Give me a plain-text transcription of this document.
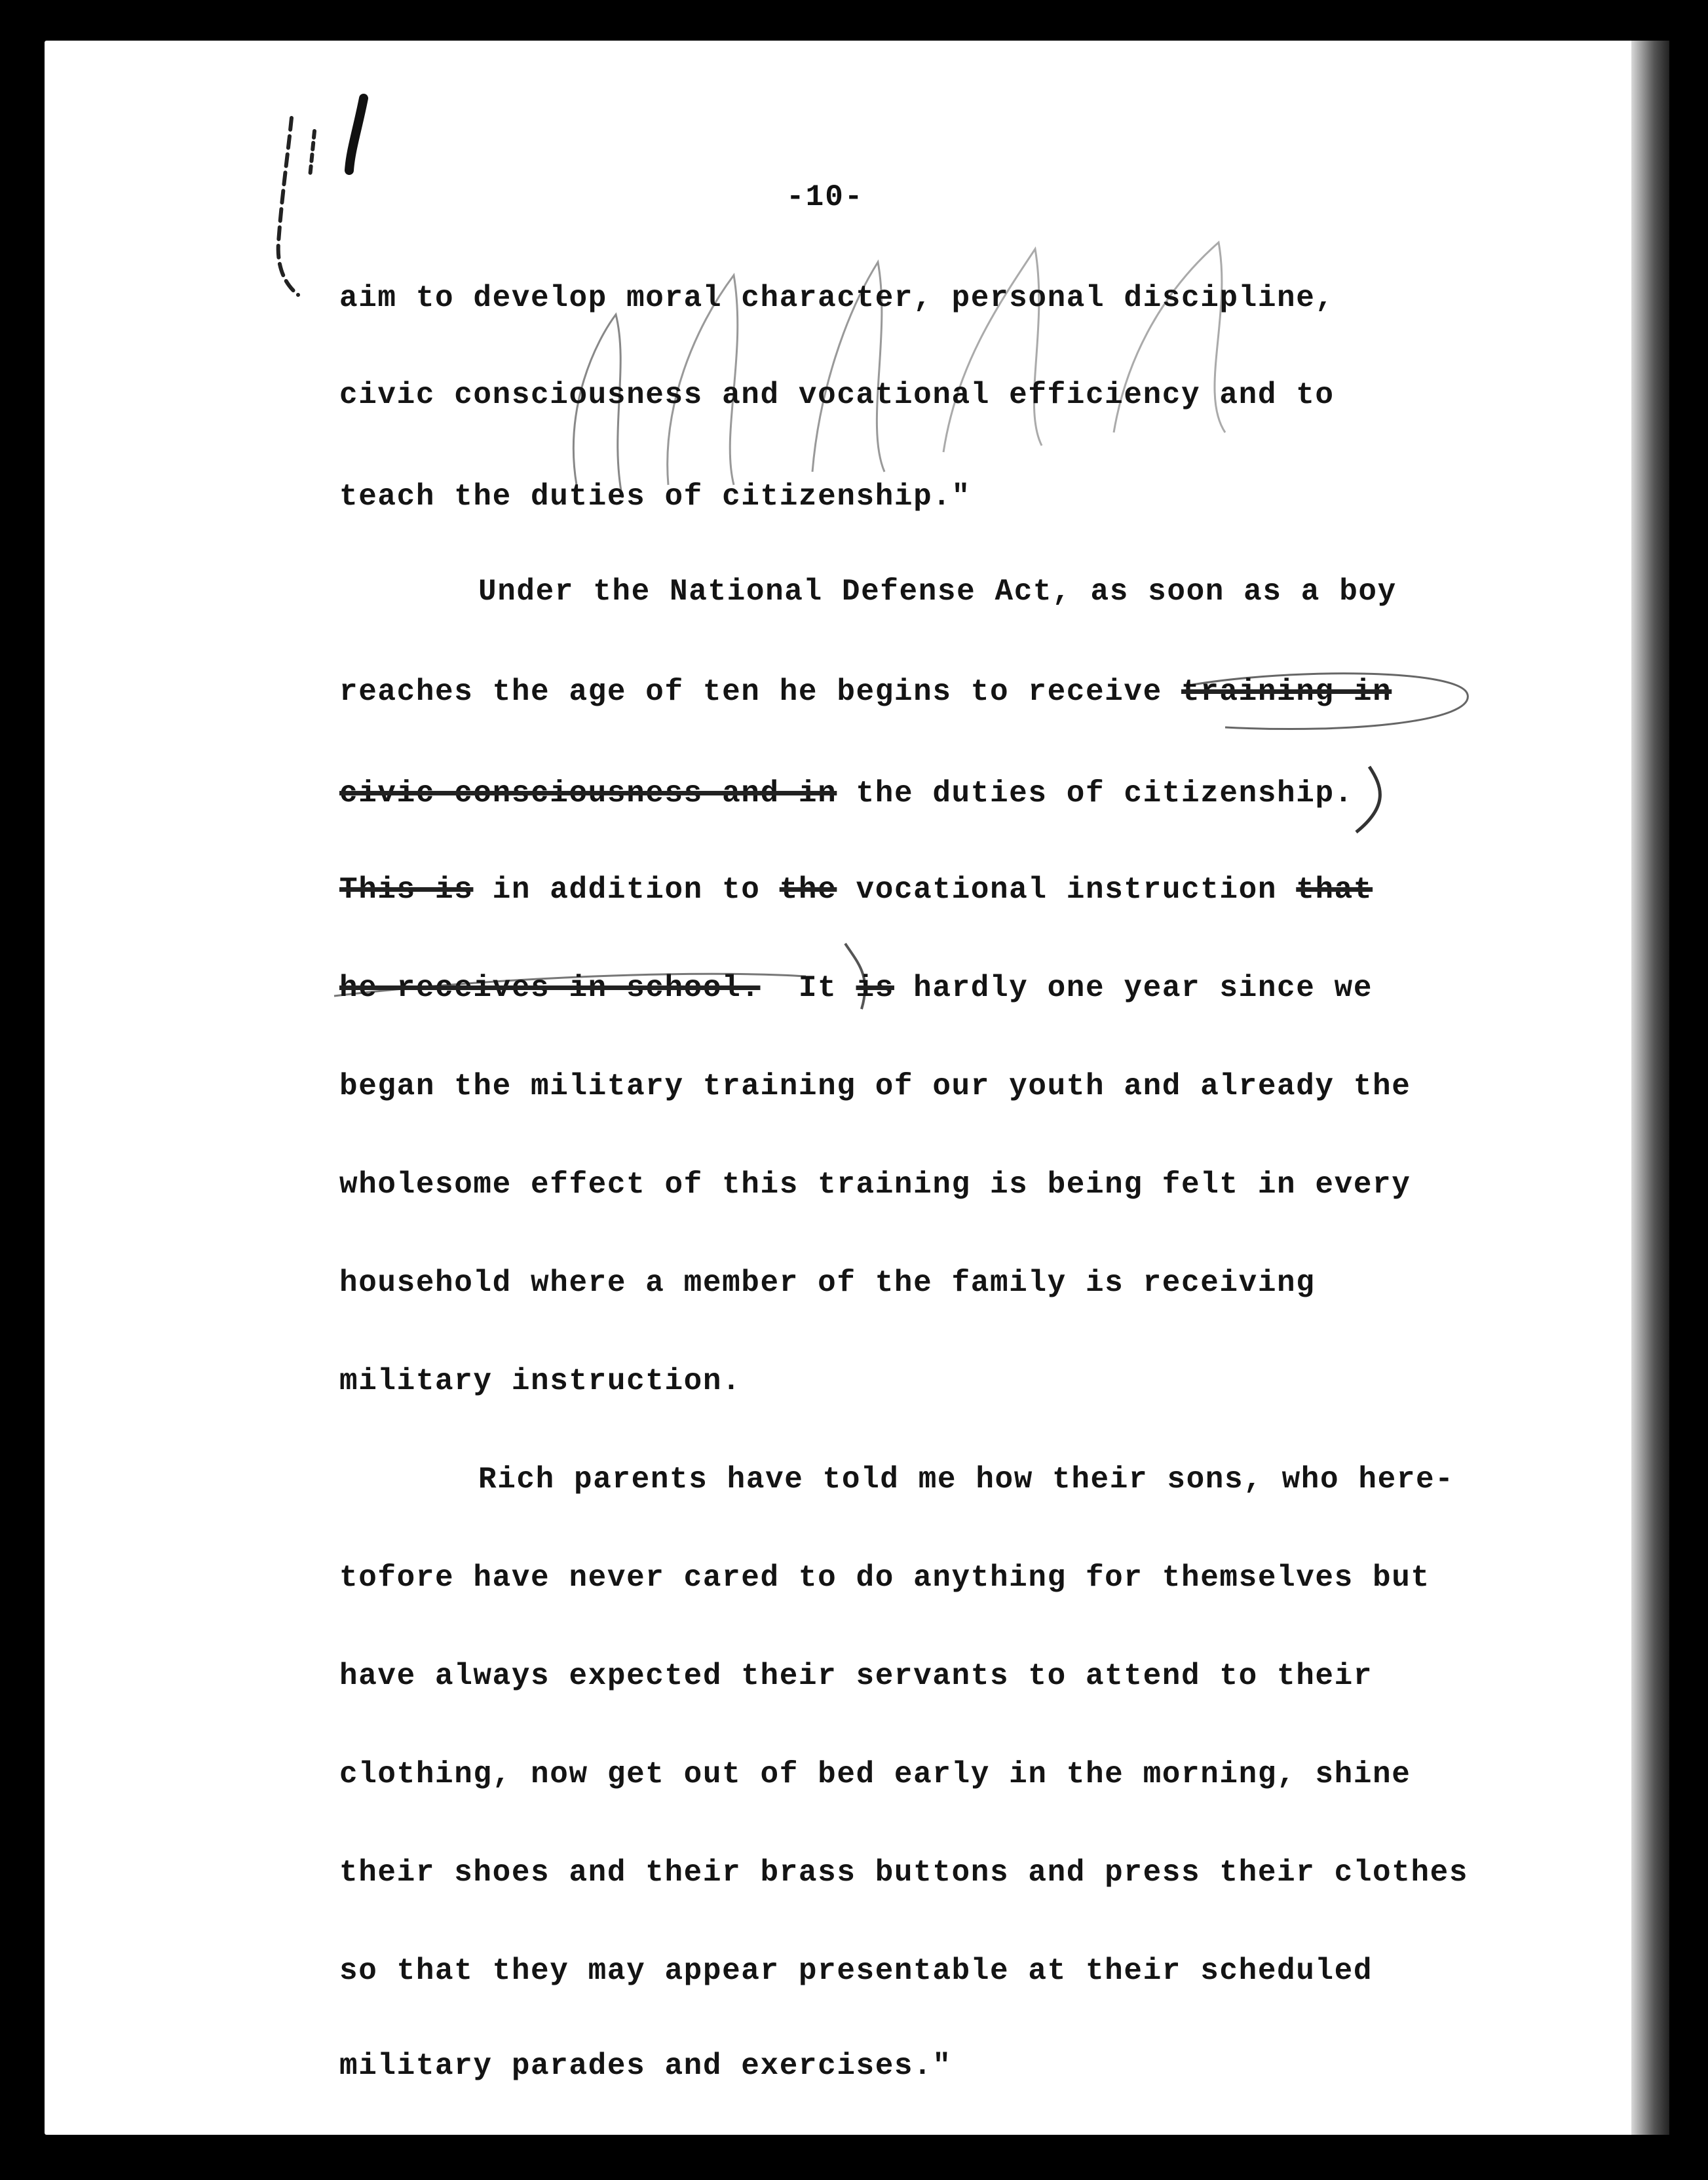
-10-
aim to develop moral character, personal discipline,
civic consciousness and vocational efficiency and to
teach the duties of citizenship."
Under the National Defense Act, as soon as a boy
reaches the age of ten he begins to receive training in
civic consciousness and in the duties of citizenship.
This is in addition to the vocational instruction that
he receives in school.  It is hardly one year since we
began the military training of our youth and already the
wholesome effect of this training is being felt in every
household where a member of the family is receiving
military instruction.
Rich parents have told me how their sons, who here-
tofore have never cared to do anything for themselves but
have always expected their servants to attend to their
clothing, now get out of bed early in the morning, shine
their shoes and their brass buttons and press their clothes
so that they may appear presentable at their scheduled
military parades and exercises."
